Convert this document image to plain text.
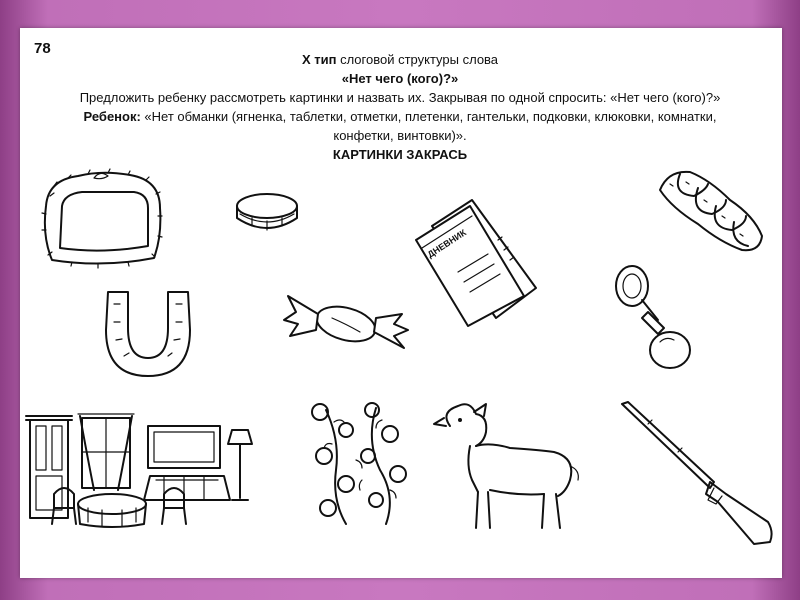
78
X тип слоговой структуры слова
«Нет чего (кого)?»
Предложить ребенку рассмотреть картинки и назвать их. Закрывая по одной спросить: «Нет чего (кого)?»
Ребенок: «Нет обманки (ягненка, таблетки, отметки, плетенки, гантельки, подковки, клюковки, комнатки, конфетки, винтовки)».
КАРТИНКИ ЗАКРАСЬ
ДНЕВНИК
